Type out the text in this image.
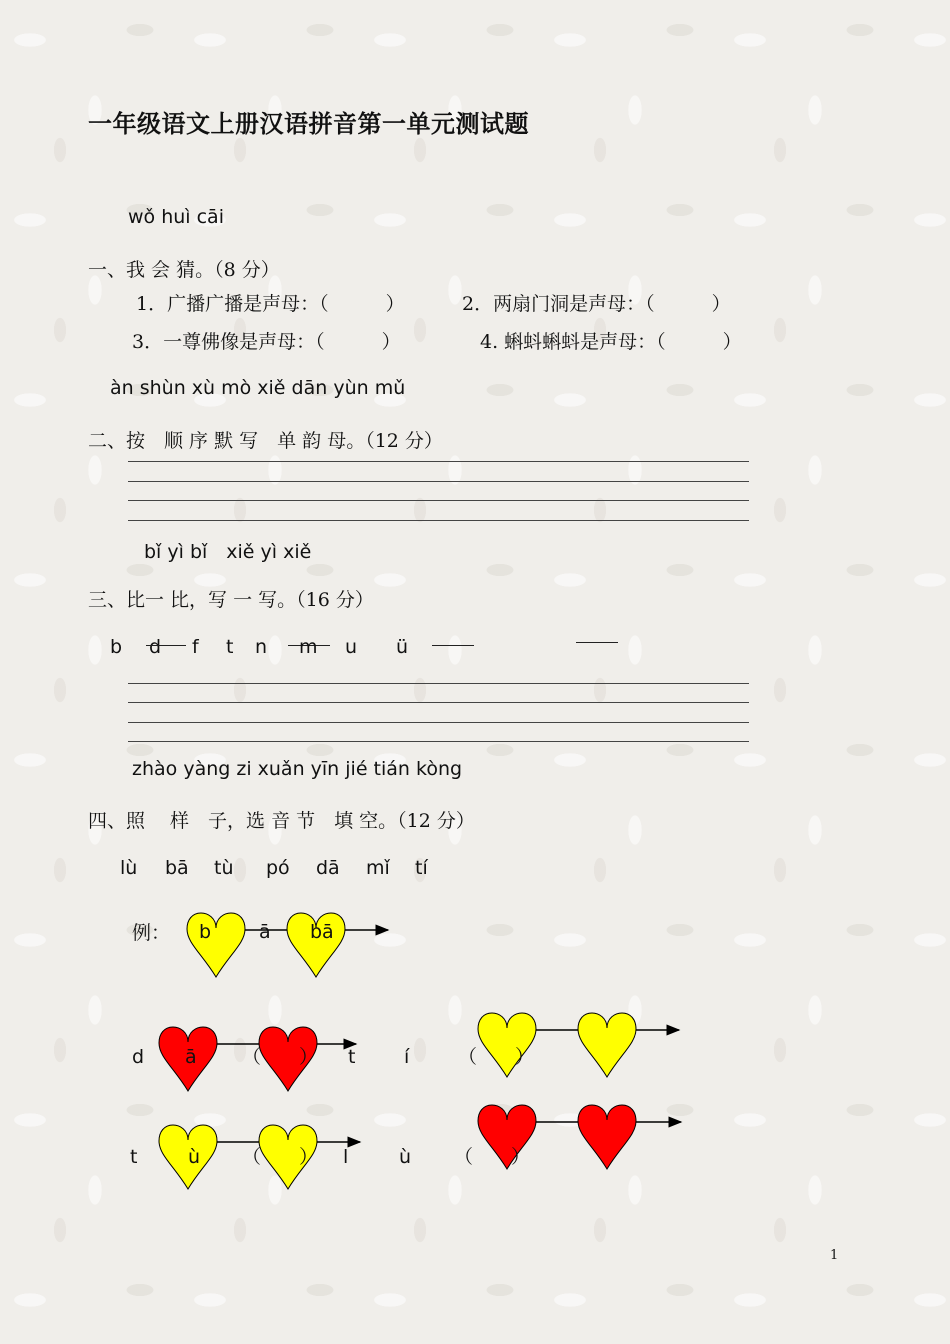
一年级语文上册汉语拼音第一单元测试题
wǒ huì cāi
一、我 会 猜。（8 分）
1．广播广播是声母：（　　　）	2．两扇门洞是声母：（　　　）
3．一尊佛像是声母：（　　　）	4. 蝌蚪蝌蚪是声母：（　　　）
àn shùn xù mò xiě dān yùn mǔ
二、按　顺 序 默 写　单 韵 母。（12 分）
bǐ yì bǐ　xiě yì xiě
三、比一 比，写 一 写。（16 分）
b d f t n m u ü
zhào yàng zi xuǎn yīn jié tián kòng
四、照　 样　子，选 音 节　填 空。（12 分）
lù bā tù pó dā mǐ tí
例： b	ā bā
d ā （　　） t	í	（　　）
t	ù （　　） l	ù （　　）
1
